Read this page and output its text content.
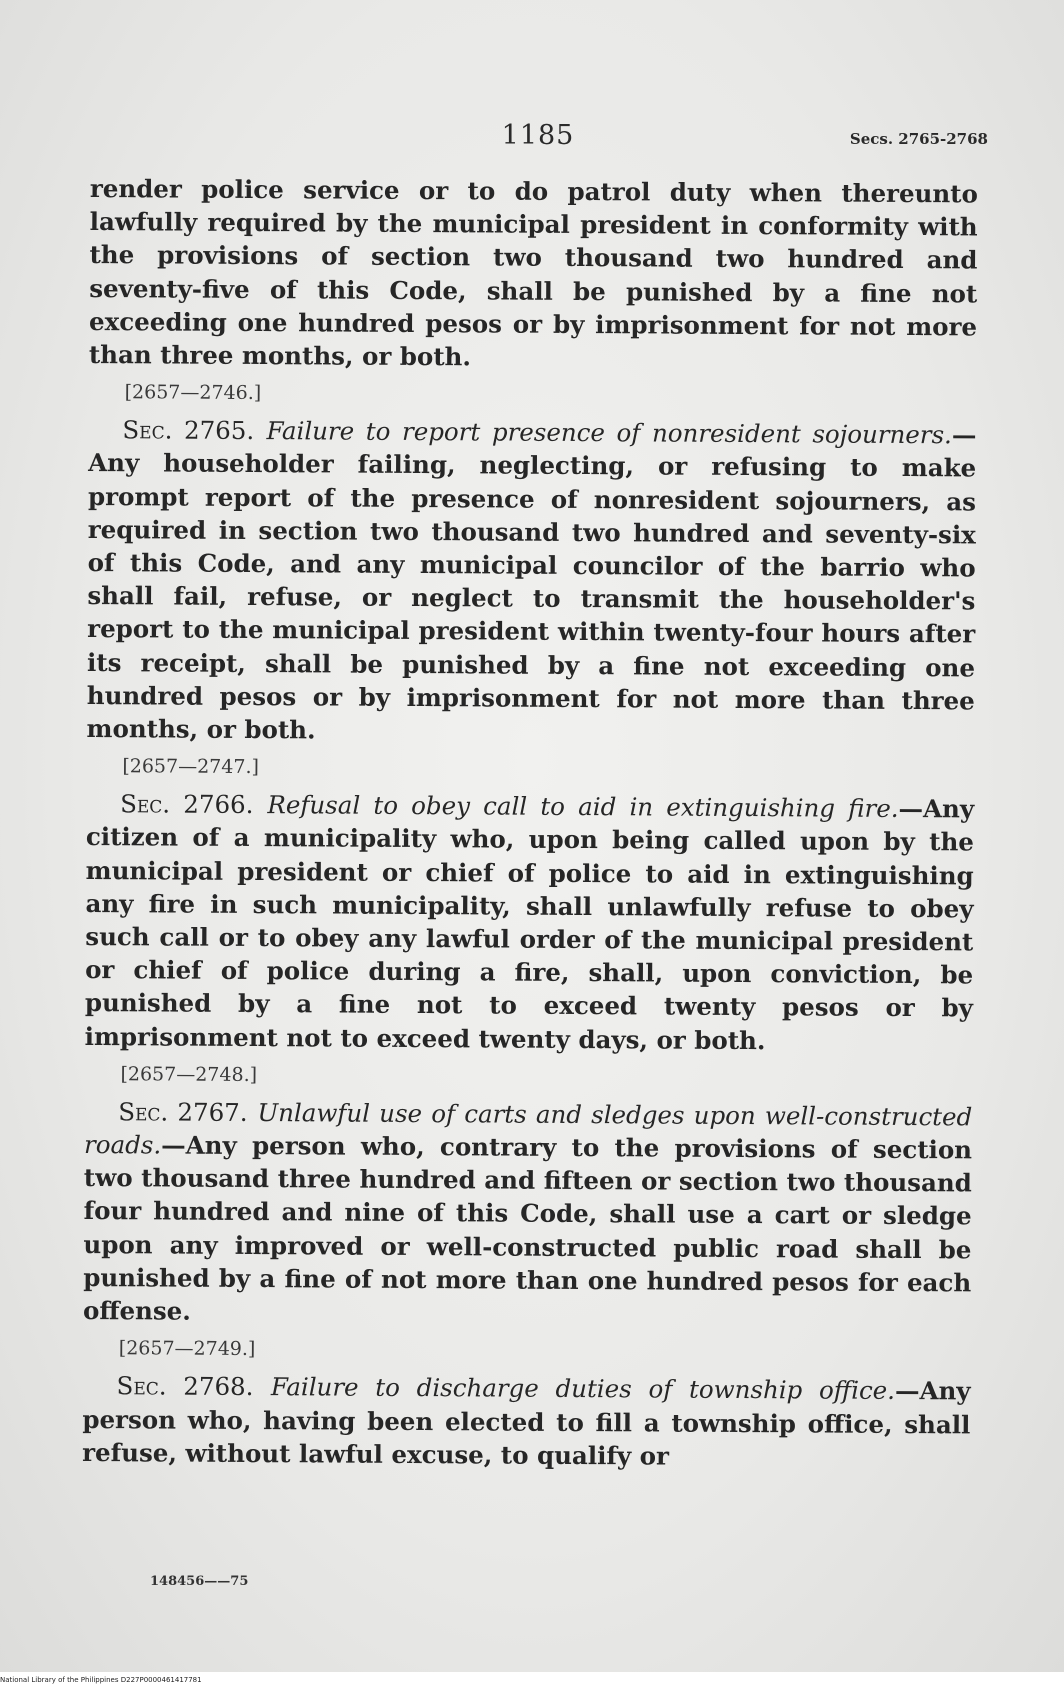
1185	Secs. 2765-2768

render police service or to do patrol duty when thereunto lawfully required by the municipal president in conformity with the provisions of section two thousand two hundred and seventy-five of this Code, shall be punished by a fine not exceeding one hundred pesos or by imprisonment for not more than three months, or both.

[2657—2746.]

Sec. 2765. Failure to report presence of nonresident sojourners.—Any householder failing, neglecting, or refusing to make prompt report of the presence of nonresident sojourners, as required in section two thousand two hundred and seventy-six of this Code, and any municipal councilor of the barrio who shall fail, refuse, or neglect to transmit the householder's report to the municipal president within twenty-four hours after its receipt, shall be punished by a fine not exceeding one hundred pesos or by imprisonment for not more than three months, or both.

[2657—2747.]

Sec. 2766. Refusal to obey call to aid in extinguishing fire.—Any citizen of a municipality who, upon being called upon by the municipal president or chief of police to aid in extinguishing any fire in such municipality, shall unlawfully refuse to obey such call or to obey any lawful order of the municipal president or chief of police during a fire, shall, upon conviction, be punished by a fine not to exceed twenty pesos or by imprisonment not to exceed twenty days, or both.

[2657—2748.]

Sec. 2767. Unlawful use of carts and sledges upon well-constructed roads.—Any person who, contrary to the provisions of section two thousand three hundred and fifteen or section two thousand four hundred and nine of this Code, shall use a cart or sledge upon any improved or well-constructed public road shall be punished by a fine of not more than one hundred pesos for each offense.

[2657—2749.]

Sec. 2768. Failure to discharge duties of township office.—Any person who, having been elected to fill a township office, shall refuse, without lawful excuse, to qualify or

148456——75
National Library of the Philippines D227P0000461417781
